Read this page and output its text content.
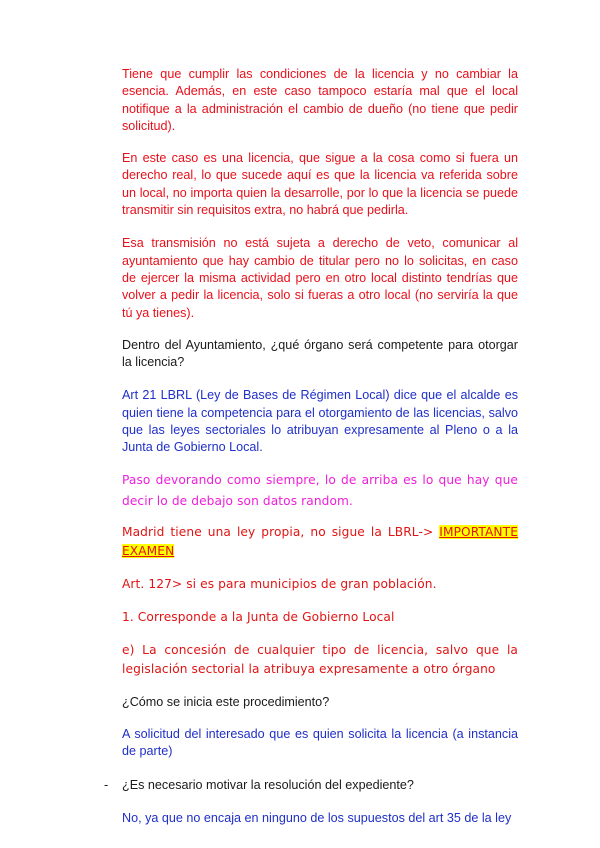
Tiene que cumplir las condiciones de la licencia y no cambiar la esencia. Además, en este caso tampoco estaría mal que el local notifique a la administración el cambio de dueño (no tiene que pedir solicitud).

En este caso es una licencia, que sigue a la cosa como si fuera un derecho real, lo que sucede aquí es que la licencia va referida sobre un local, no importa quien la desarrolle, por lo que la licencia se puede transmitir sin requisitos extra, no habrá que pedirla.

Esa transmisión no está sujeta a derecho de veto, comunicar al ayuntamiento que hay cambio de titular pero no lo solicitas, en caso de ejercer la misma actividad pero en otro local distinto tendrías que volver a pedir la licencia, solo si fueras a otro local (no serviría la que tú ya tienes).

Dentro del Ayuntamiento, ¿qué órgano será competente para otorgar la licencia?

Art 21 LBRL (Ley de Bases de Régimen Local) dice que el alcalde es quien tiene la competencia para el otorgamiento de las licencias, salvo que las leyes sectoriales lo atribuyan expresamente al Pleno o a la Junta de Gobierno Local.

Paso devorando como siempre, lo de arriba es lo que hay que decir lo de debajo son datos random.

Madrid tiene una ley propia, no sigue la LBRL-> IMPORTANTE EXAMEN

Art. 127> si es para municipios de gran población.

1. Corresponde a la Junta de Gobierno Local

e) La concesión de cualquier tipo de licencia, salvo que la legislación sectorial la atribuya expresamente a otro órgano

¿Cómo se inicia este procedimiento?

A solicitud del interesado que es quien solicita la licencia (a instancia de parte)

- ¿Es necesario motivar la resolución del expediente?

No, ya que no encaja en ninguno de los supuestos del art 35 de la ley
